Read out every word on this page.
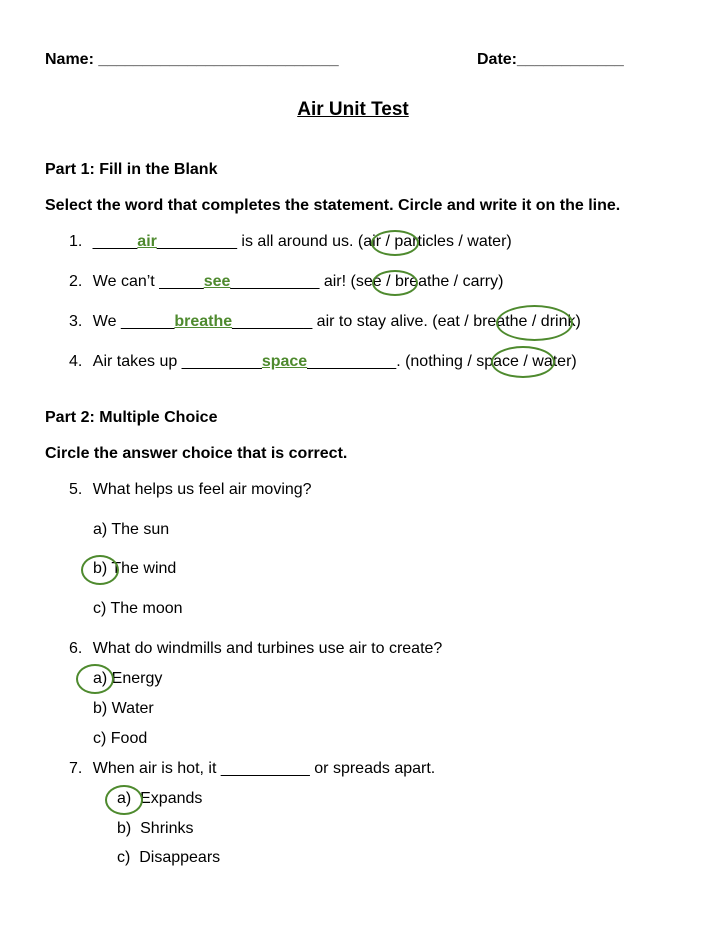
Name: ___________________________	Date:____________
Air Unit Test
Part 1: Fill in the Blank
Select the word that completes the statement. Circle and write it on the line.
1. _____air_________ is all around us. (air / particles / water)
2. We can’t _____see__________ air! (see / breathe / carry)
3. We ______breathe_________ air to stay alive. (eat / breathe / drink)
4. Air takes up _________space__________. (nothing / space / water)
Part 2: Multiple Choice
Circle the answer choice that is correct.
5. What helps us feel air moving?
a) The sun
b) The wind
c) The moon
6. What do windmills and turbines use air to create?
a) Energy
b) Water
c) Food
7. When air is hot, it __________ or spreads apart.
a)  Expands
b)  Shrinks
c)  Disappears
